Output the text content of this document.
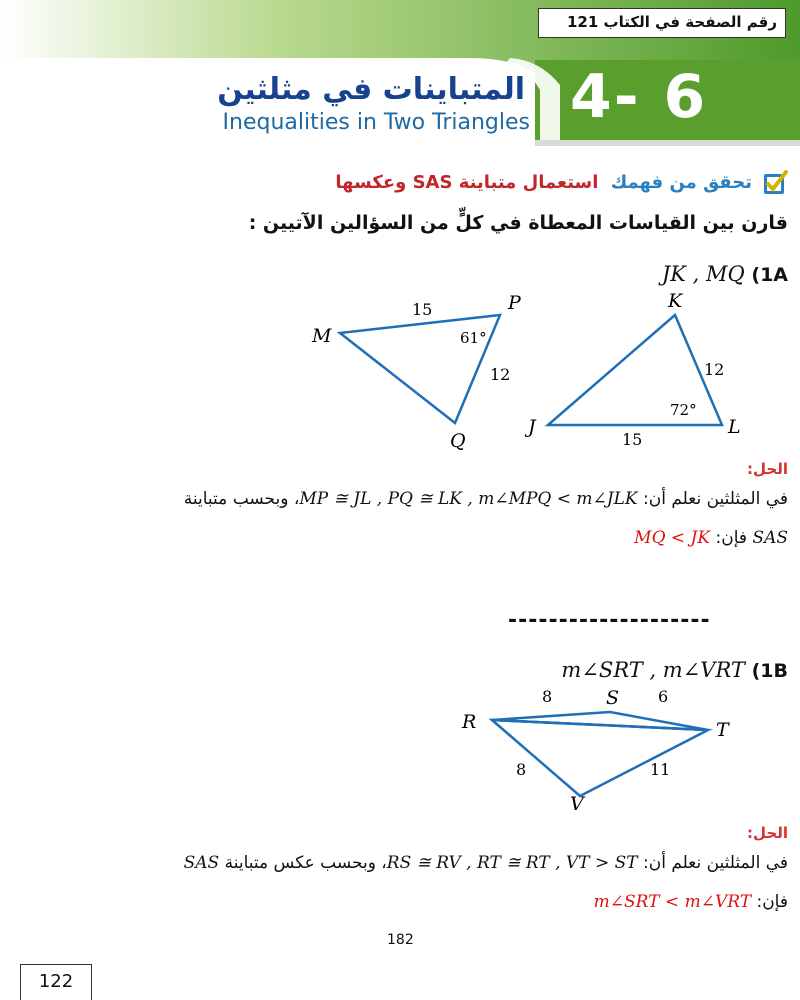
رقم الصفحة في الكتاب 121
4- 6
المتباينات في مثلثين
Inequalities in Two Triangles
تحقق من فهمك استعمال متباينة SAS وعكسها
قارن بين القياسات المعطاة في كلٍّ من السؤالين الآتيين :
JK , MQ (1A
M
P
Q
15
12
61°
K
J	L
12
15
72°
الحل:
في المثلثين نعلم أن: MP ≅ JL , PQ ≅ LK , m∠MPQ < m∠JLK، وبحسب متباينة
SAS فإن: MQ < JK
--------------------
m∠SRT , m∠VRT (1B
R
S
T
V
8	6
8	11
الحل:
في المثلثين نعلم أن: RS ≅ RV , RT ≅ RT , VT > ST، وبحسب عكس متباينة SAS
فإن: m∠SRT < m∠VRT
182
122
